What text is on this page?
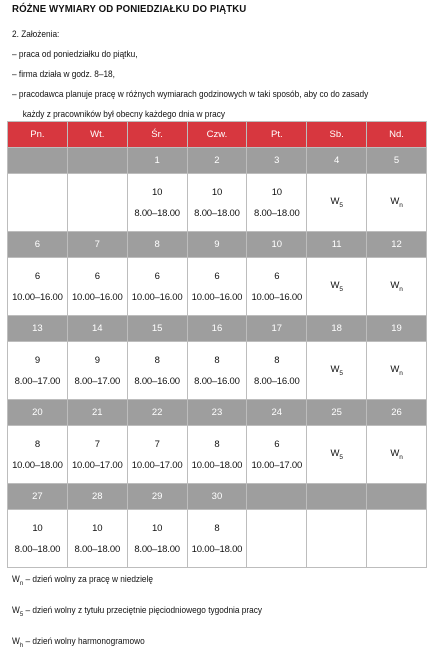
RÓŻNE WYMIARY OD PONIEDZIAŁKU DO PIĄTKU
2. Założenia:
– praca od poniedziałku do piątku,
– firma działa w godz. 8–18,
– pracodawca planuje pracę w różnych wymiarach godzinowych w taki sposób, aby co do zasady
każdy z pracowników był obecny każdego dnia w pracy
Pn.	Wt.	Śr.	Czw.	Pt.	Sb.	Nd.
		1	2	3	4	5

		10
8.00–18.00	10
8.00–18.00	10
8.00–18.00	$W_5$	$W_n$

6	7	8	9	10	11	12

6
10.00–16.00	6
10.00–16.00	6
10.00–16.00	6
10.00–16.00	6
10.00–16.00	$W_5$	$W_n$

13	14	15	16	17	18	19

9
8.00–17.00	9
8.00–17.00	8
8.00–16.00	8
8.00–16.00	8
8.00–16.00	$W_5$	$W_n$

20	21	22	23	24	25	26

8
10.00–18.00	7
10.00–17.00	7
10.00–17.00	8
10.00–18.00	6
10.00–17.00	$W_5$	$W_n$

27	28	29	30			

10
8.00–18.00	10
8.00–18.00	10
8.00–18.00	8
10.00–18.00			

$W_n$ – dzień wolny za pracę w niedzielę
$W_5$ – dzień wolny z tytułu przeciętnie pięciodniowego tygodnia pracy
$W_h$ – dzień wolny harmonogramowo
